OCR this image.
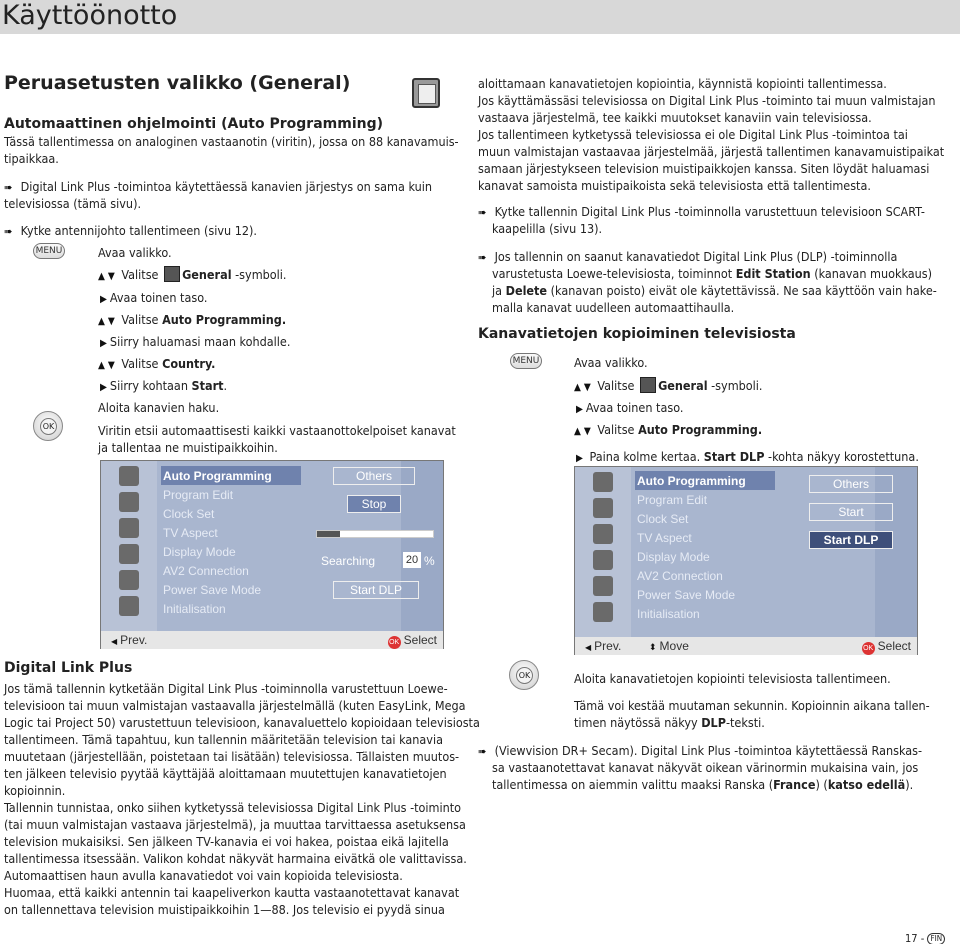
Käyttöönotto
Peruasetusten valikko (General)
Automaattinen ohjelmointi (Auto Programming)
Tässä tallentimessa on analoginen vastaanotin (viritin), jossa on 88 kanavamuis-
tipaikkaa.
➠ Digital Link Plus -toimintoa käytettäessä kanavien järjestys on sama kuin
televisiossa (tämä sivu).
➠ Kytke antennijohto tallentimeen (sivu 12).
MENU	Avaa valikko.
▲ ▼ Valitse General -symboli.
▶ Avaa toinen taso.
▲ ▼ Valitse Auto Programming.
▶ Siirry haluamasi maan kohdalle.
▲ ▼ Valitse Country.
▶ Siirry kohtaan Start.
Aloita kanavien haku.
OK	Viritin etsii automaattisesti kaikki vastaanottokelpoiset kanavat
ja tallentaa ne muistipaikkoihin.
Auto Programming
Program Edit
Clock Set
TV Aspect
Display Mode
AV2 Connection
Power Save Mode
Initialisation
Others
Stop
Searching	20 %
Start DLP
◀ Prev.	OK Select
Digital Link Plus
Jos tämä tallennin kytketään Digital Link Plus -toiminnolla varustettuun Loewe-
televisioon tai muun valmistajan vastaavalla järjestelmällä (kuten EasyLink, Mega
Logic tai Project 50) varustettuun televisioon, kanavaluettelo kopioidaan televisiosta
tallentimeen. Tämä tapahtuu, kun tallennin määritetään television tai kanavia
muutetaan (järjestellään, poistetaan tai lisätään) televisiossa. Tällaisten muutos-
ten jälkeen televisio pyytää käyttäjää aloittamaan muutettujen kanavatietojen
kopioinnin.
Tallennin tunnistaa, onko siihen kytketyssä televisiossa Digital Link Plus -toiminto
(tai muun valmistajan vastaava järjestelmä), ja muuttaa tarvittaessa asetuksensa
television mukaisiksi. Sen jälkeen TV-kanavia ei voi hakea, poistaa eikä lajitella
tallentimessa itsessään. Valikon kohdat näkyvät harmaina eivätkä ole valittavissa.
Automaattisen haun avulla kanavatiedot voi vain kopioida televisiosta.
Huomaa, että kaikki antennin tai kaapeliverkon kautta vastaanotettavat kanavat
on tallennettava television muistipaikkoihin 1—88. Jos televisio ei pyydä sinua
aloittamaan kanavatietojen kopiointia, käynnistä kopiointi tallentimessa.
Jos käyttämässäsi televisiossa on Digital Link Plus -toiminto tai muun valmistajan
vastaava järjestelmä, tee kaikki muutokset kanaviin vain televisiossa.
Jos tallentimeen kytketyssä televisiossa ei ole Digital Link Plus -toimintoa tai
muun valmistajan vastaavaa järjestelmää, järjestä tallentimen kanavamuistipaikat
samaan järjestykseen television muistipaikkojen kanssa. Siten löydät haluamasi
kanavat samoista muistipaikoista sekä televisiosta että tallentimesta.
➠ Kytke tallennin Digital Link Plus -toiminnolla varustettuun televisioon SCART-
kaapelilla (sivu 13).
➠ Jos tallennin on saanut kanavatiedot Digital Link Plus (DLP) -toiminnolla
varustetusta Loewe-televisiosta, toiminnot Edit Station (kanavan muokkaus)
ja Delete (kanavan poisto) eivät ole käytettävissä. Ne saa käyttöön vain hake-
malla kanavat uudelleen automaattihaulla.
Kanavatietojen kopioiminen televisiosta
MENU	Avaa valikko.
▲ ▼ Valitse General -symboli.
▶ Avaa toinen taso.
▲ ▼ Valitse Auto Programming.
▶ Paina kolme kertaa. Start DLP -kohta näkyy korostettuna.
Auto Programming
Program Edit
Clock Set
TV Aspect
Display Mode
AV2 Connection
Power Save Mode
Initialisation
Others
Start
Start DLP
◀ Prev.	⬍ Move	OK Select
OK	Aloita kanavatietojen kopiointi televisiosta tallentimeen.
Tämä voi kestää muutaman sekunnin. Kopioinnin aikana tallen-
timen näytössä näkyy DLP-teksti.
➠ (Viewvision DR+ Secam). Digital Link Plus -toimintoa käytettäessä Ranskas-
sa vastaanotettavat kanavat näkyvät oikean värinormin mukaisina vain, jos
tallentimessa on aiemmin valittu maaksi Ranska (France) (katso edellä).
17 - FIN
